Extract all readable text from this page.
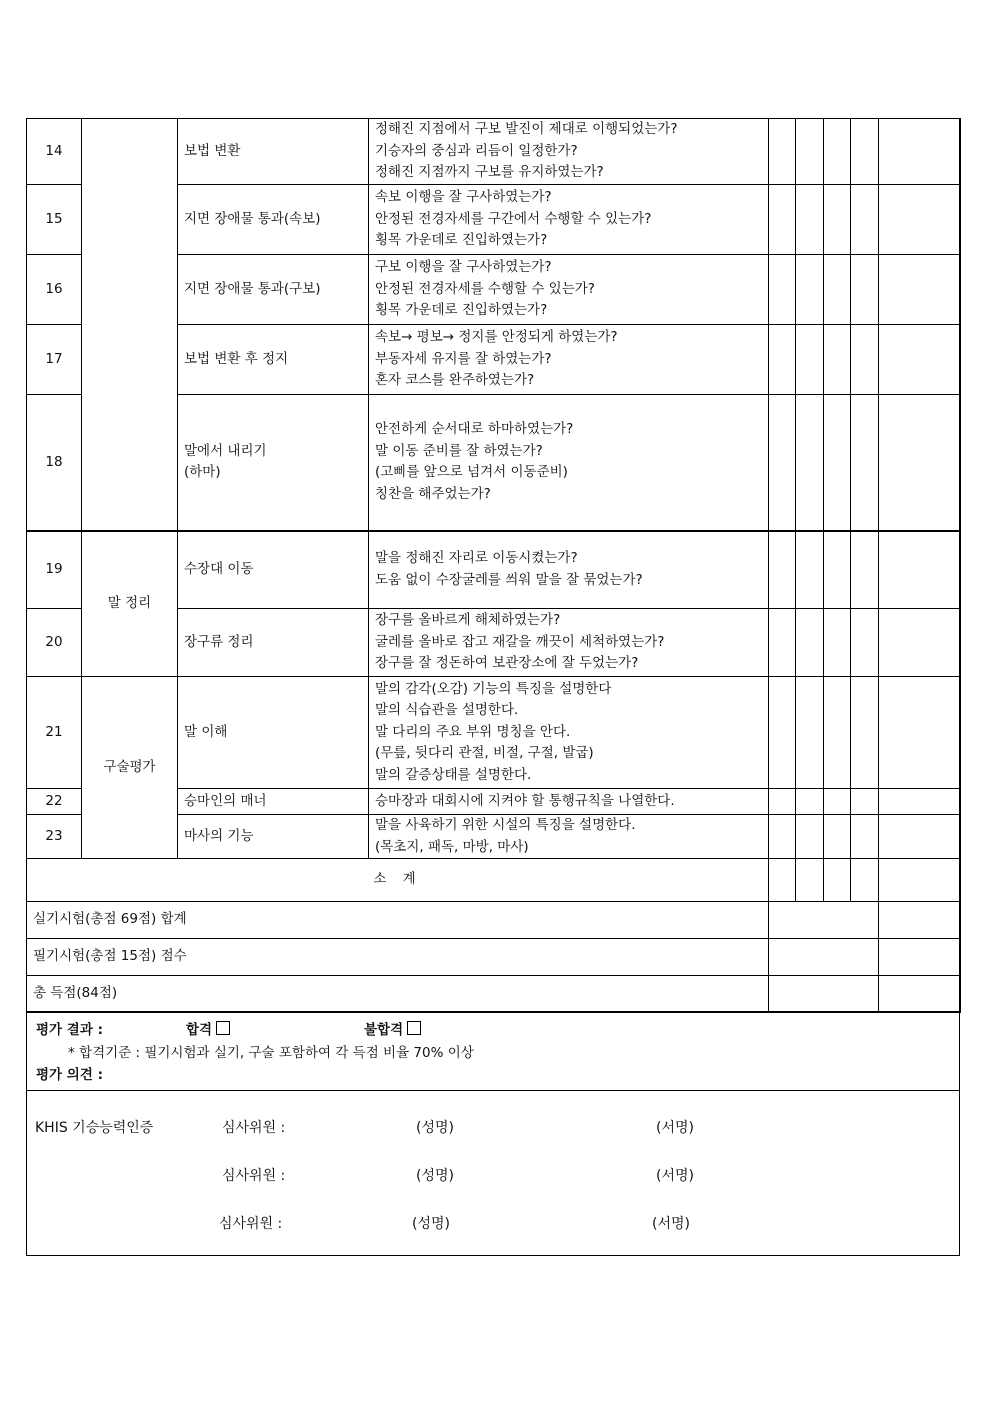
14		보법 변환	정해진 지점에서 구보 발진이 제대로 이행되었는가?
기승자의 중심과 리듬이 일정한가?
정해진 지점까지 구보를 유지하였는가?					

15		지면 장애물 통과(속보)	속보 이행을 잘 구사하였는가?
안정된 전경자세를 구간에서 수행할 수 있는가?
횡목 가운데로 진입하였는가?					

16		지면 장애물 통과(구보)	구보 이행을 잘 구사하였는가?
안정된 전경자세를 수행할 수 있는가?
횡목 가운데로 진입하였는가?					

17		보법 변환 후 정지	속보→ 평보→ 정지를 안정되게 하였는가?
부동자세 유지를 잘 하였는가?
혼자 코스를 완주하였는가?					

18		말에서 내리기
(하마)	안전하게 순서대로 하마하였는가?
말 이동 준비를 잘 하였는가?
(고삐를 앞으로 넘겨서 이동준비)
칭찬을 해주었는가?					

19	말 정리	수장대 이동	말을 정해진 자리로 이동시켰는가?
도움 없이 수장굴레를 씌워 말을 잘 묶었는가?					

20		장구류 정리	장구를 올바르게 해체하였는가?
굴레를 올바로 잡고 재갈을 깨끗이 세척하였는가?
장구를 잘 정돈하여 보관장소에 잘 두었는가?					

21	구술평가	말 이해	말의 감각(오감) 기능의 특징을 설명한다
말의 식습관을 설명한다.
말 다리의 주요 부위 명칭을 안다.
(무릎, 뒷다리 관절, 비절, 구절, 발굽)
말의 갈증상태를 설명한다.					

22		승마인의 매너	승마장과 대회시에 지켜야 할 통행규칙을 나열한다.					

23		마사의 기능	말을 사육하기 위한 시설의 특징을 설명한다.
(목초지, 패독, 마방, 마사)					

소 계								
실기시험(총점 69점) 합계								
필기시험(총점 15점) 점수								
총 득점(84점)								
평가 결과 :	합격	불합격
* 합격기준 : 필기시험과 실기, 구술 포함하여 각 득점 비율 70% 이상
평가 의견 :
KHIS 기승능력인증	심사위원 :	(성명)	(서명)
심사위원 :	(성명)	(서명)
심사위원 :	(성명)	(서명)
